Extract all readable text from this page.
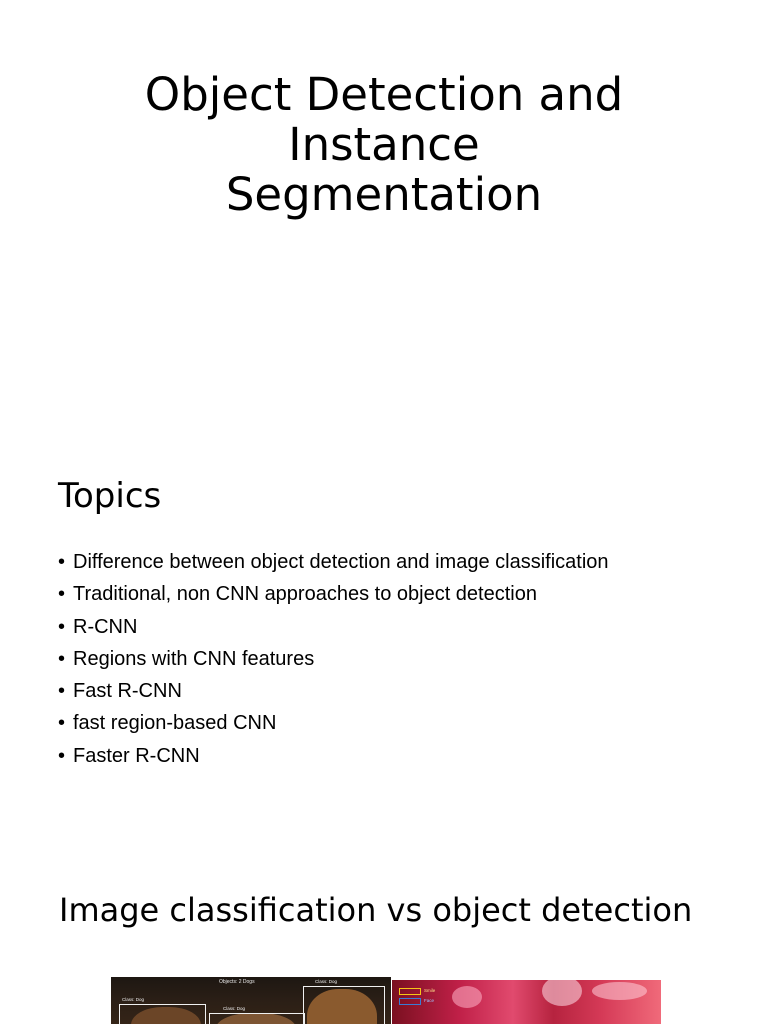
Object Detection and
Instance
Segmentation
Topics
• Difference between object detection and image classification
• Traditional, non CNN approaches to object detection
• R-CNN
• Regions with CNN features
• Fast R-CNN
• fast region-based CNN
• Faster R-CNN
Image classification vs object detection
Objects: 2 Dogs
Class: Dog
Class: Dog
Class: Dog
Smile
Face
